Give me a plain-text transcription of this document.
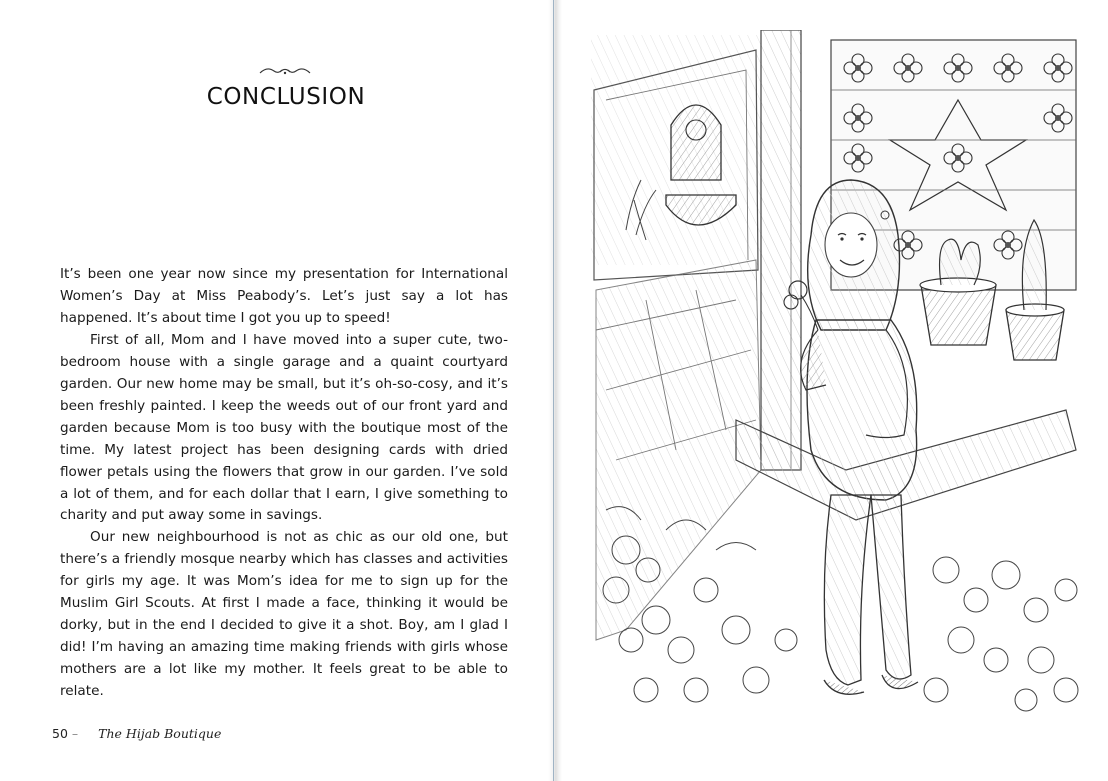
CONCLUSION

It’s been one year now since my presentation for International Women’s Day at Miss Peabody’s. Let’s just say a lot has happened. It’s about time I got you up to speed!

First of all, Mom and I have moved into a super cute, two-bedroom house with a single garage and a quaint courtyard garden. Our new home may be small, but it’s oh-so-cosy, and it’s been freshly painted. I keep the weeds out of our front yard and garden because Mom is too busy with the boutique most of the time. My latest project has been designing cards with dried flower petals using the flowers that grow in our garden. I’ve sold a lot of them, and for each dollar that I earn, I give something to charity and put away some in savings.

Our new neighbourhood is not as chic as our old one, but there’s a friendly mosque nearby which has classes and activities for girls my age. It was Mom’s idea for me to sign up for the Muslim Girl Scouts. At first I made a face, thinking it would be dorky, but in the end I decided to give it a shot. Boy, am I glad I did! I’m having an amazing time making friends with girls whose mothers are a lot like my mother. It feels great to be able to relate.

50 – The Hijab Boutique
